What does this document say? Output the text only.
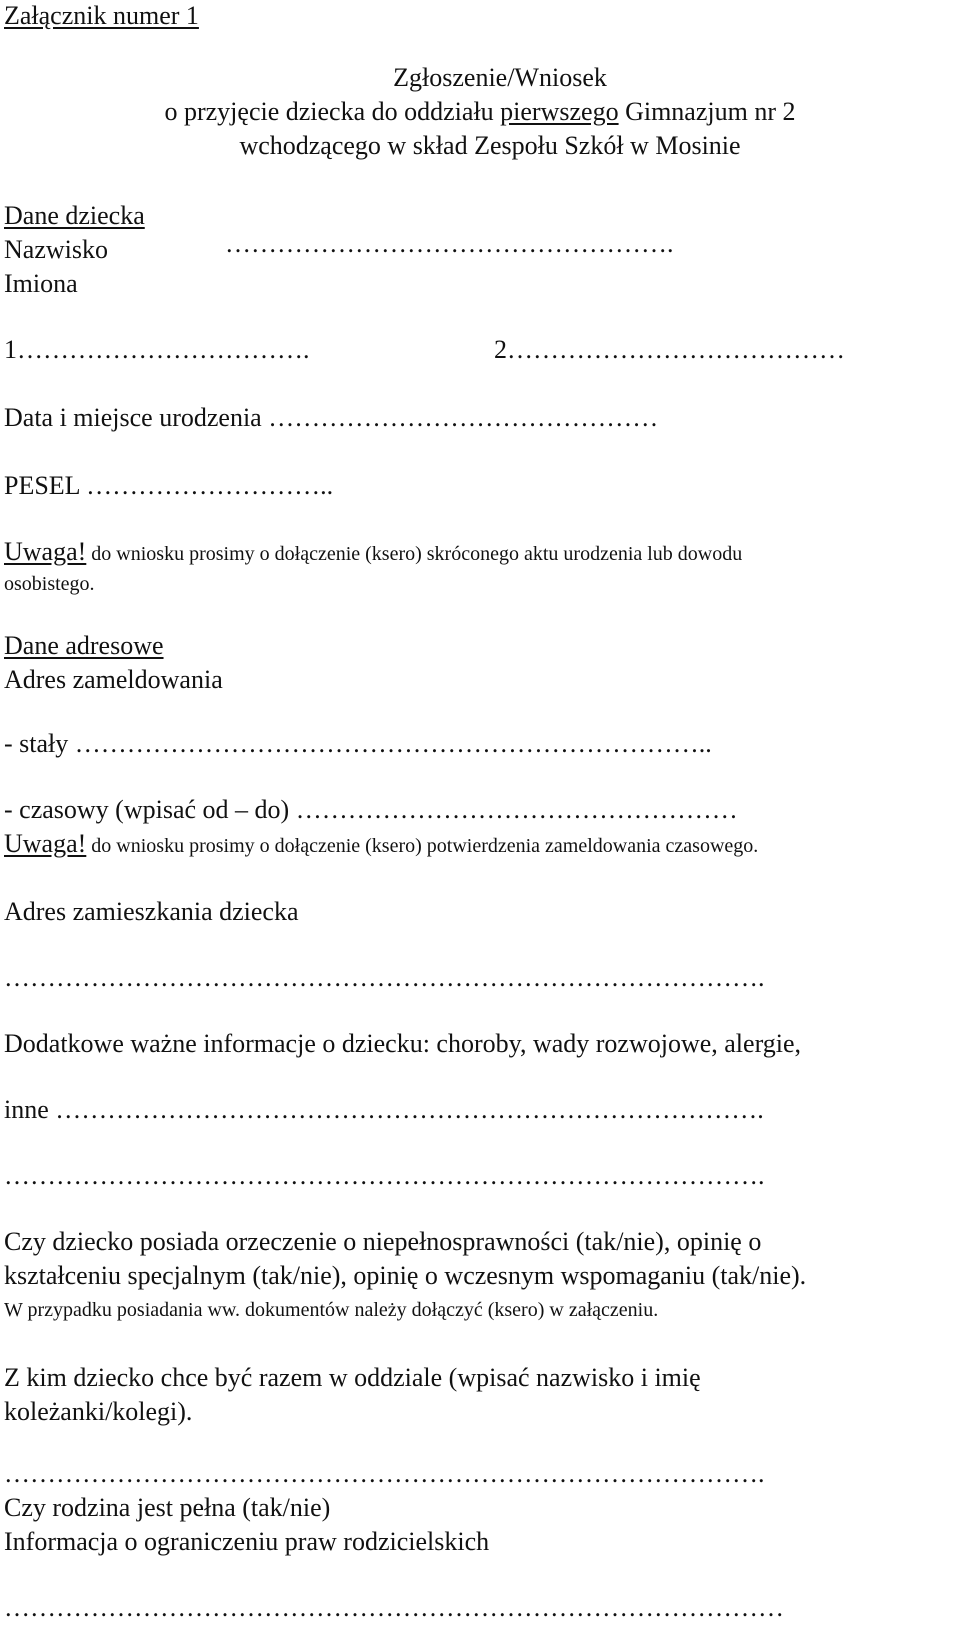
Załącznik numer 1
Zgłoszenie/Wniosek
o przyjęcie dziecka do oddziału pierwszego Gimnazjum nr 2
wchodzącego w skład Zespołu Szkół w Mosinie
Dane dziecka
Nazwisko	…………………………………………….
Imiona
1…………………………….	2…………………………………
Data i miejsce urodzenia ………………………………………
PESEL ………………………..
Uwaga! do wniosku prosimy o dołączenie (ksero) skróconego aktu urodzenia lub dowodu
osobistego.
Dane adresowe
Adres zameldowania
- stały ………………………………………………………………..
- czasowy (wpisać od – do) ……………………………………………
Uwaga! do wniosku prosimy o dołączenie (ksero) potwierdzenia zameldowania czasowego.
Adres zamieszkania dziecka
…………………………………………………………………………….
Dodatkowe ważne informacje o dziecku: choroby, wady rozwojowe, alergie,
inne ……………………………………………………………………….
…………………………………………………………………………….
Czy dziecko posiada orzeczenie o niepełnosprawności (tak/nie), opinię o
kształceniu specjalnym (tak/nie), opinię o wczesnym wspomaganiu (tak/nie).
W przypadku posiadania ww. dokumentów należy dołączyć (ksero) w załączeniu.
Z kim dziecko chce być razem w oddziale (wpisać nazwisko i imię
koleżanki/kolegi).
…………………………………………………………………………….
Czy rodzina jest pełna (tak/nie)
Informacja o ograniczeniu praw rodzicielskich
………………………………………………………………………………
